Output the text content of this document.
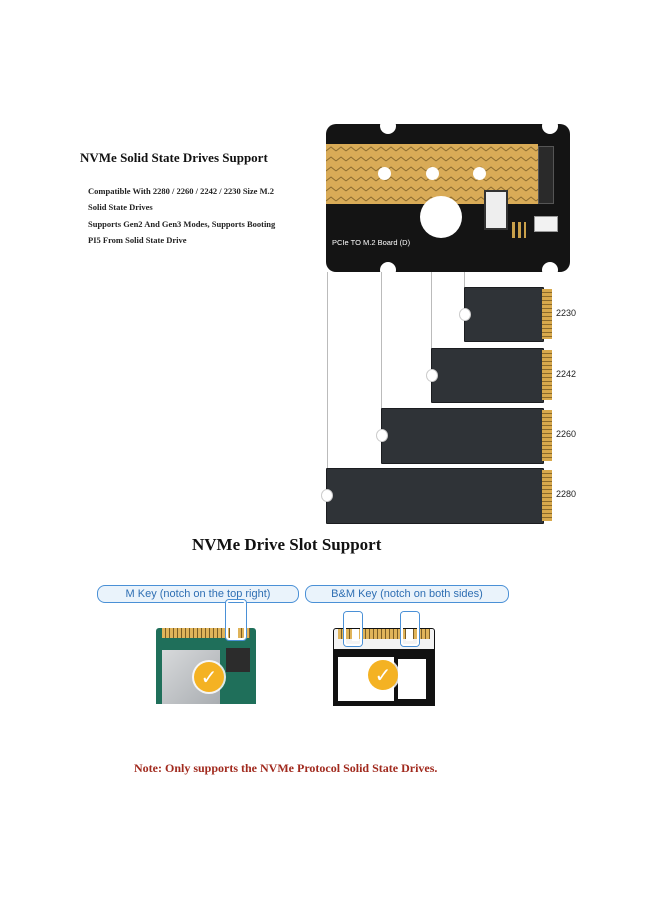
NVMe Solid State Drives Support
Compatible With 2280 / 2260 / 2242 / 2230 Size M.2
Solid State Drives
Supports Gen2 And Gen3 Modes, Supports Booting
PI5 From Solid State Drive	PCIe TO M.2 Board (D)
2230
2242
2260
2280
NVMe Drive Slot Support
M Key (notch on the top right)	B&M Key (notch on both sides)
✓	✓
Note: Only supports the NVMe Protocol Solid State Drives.
